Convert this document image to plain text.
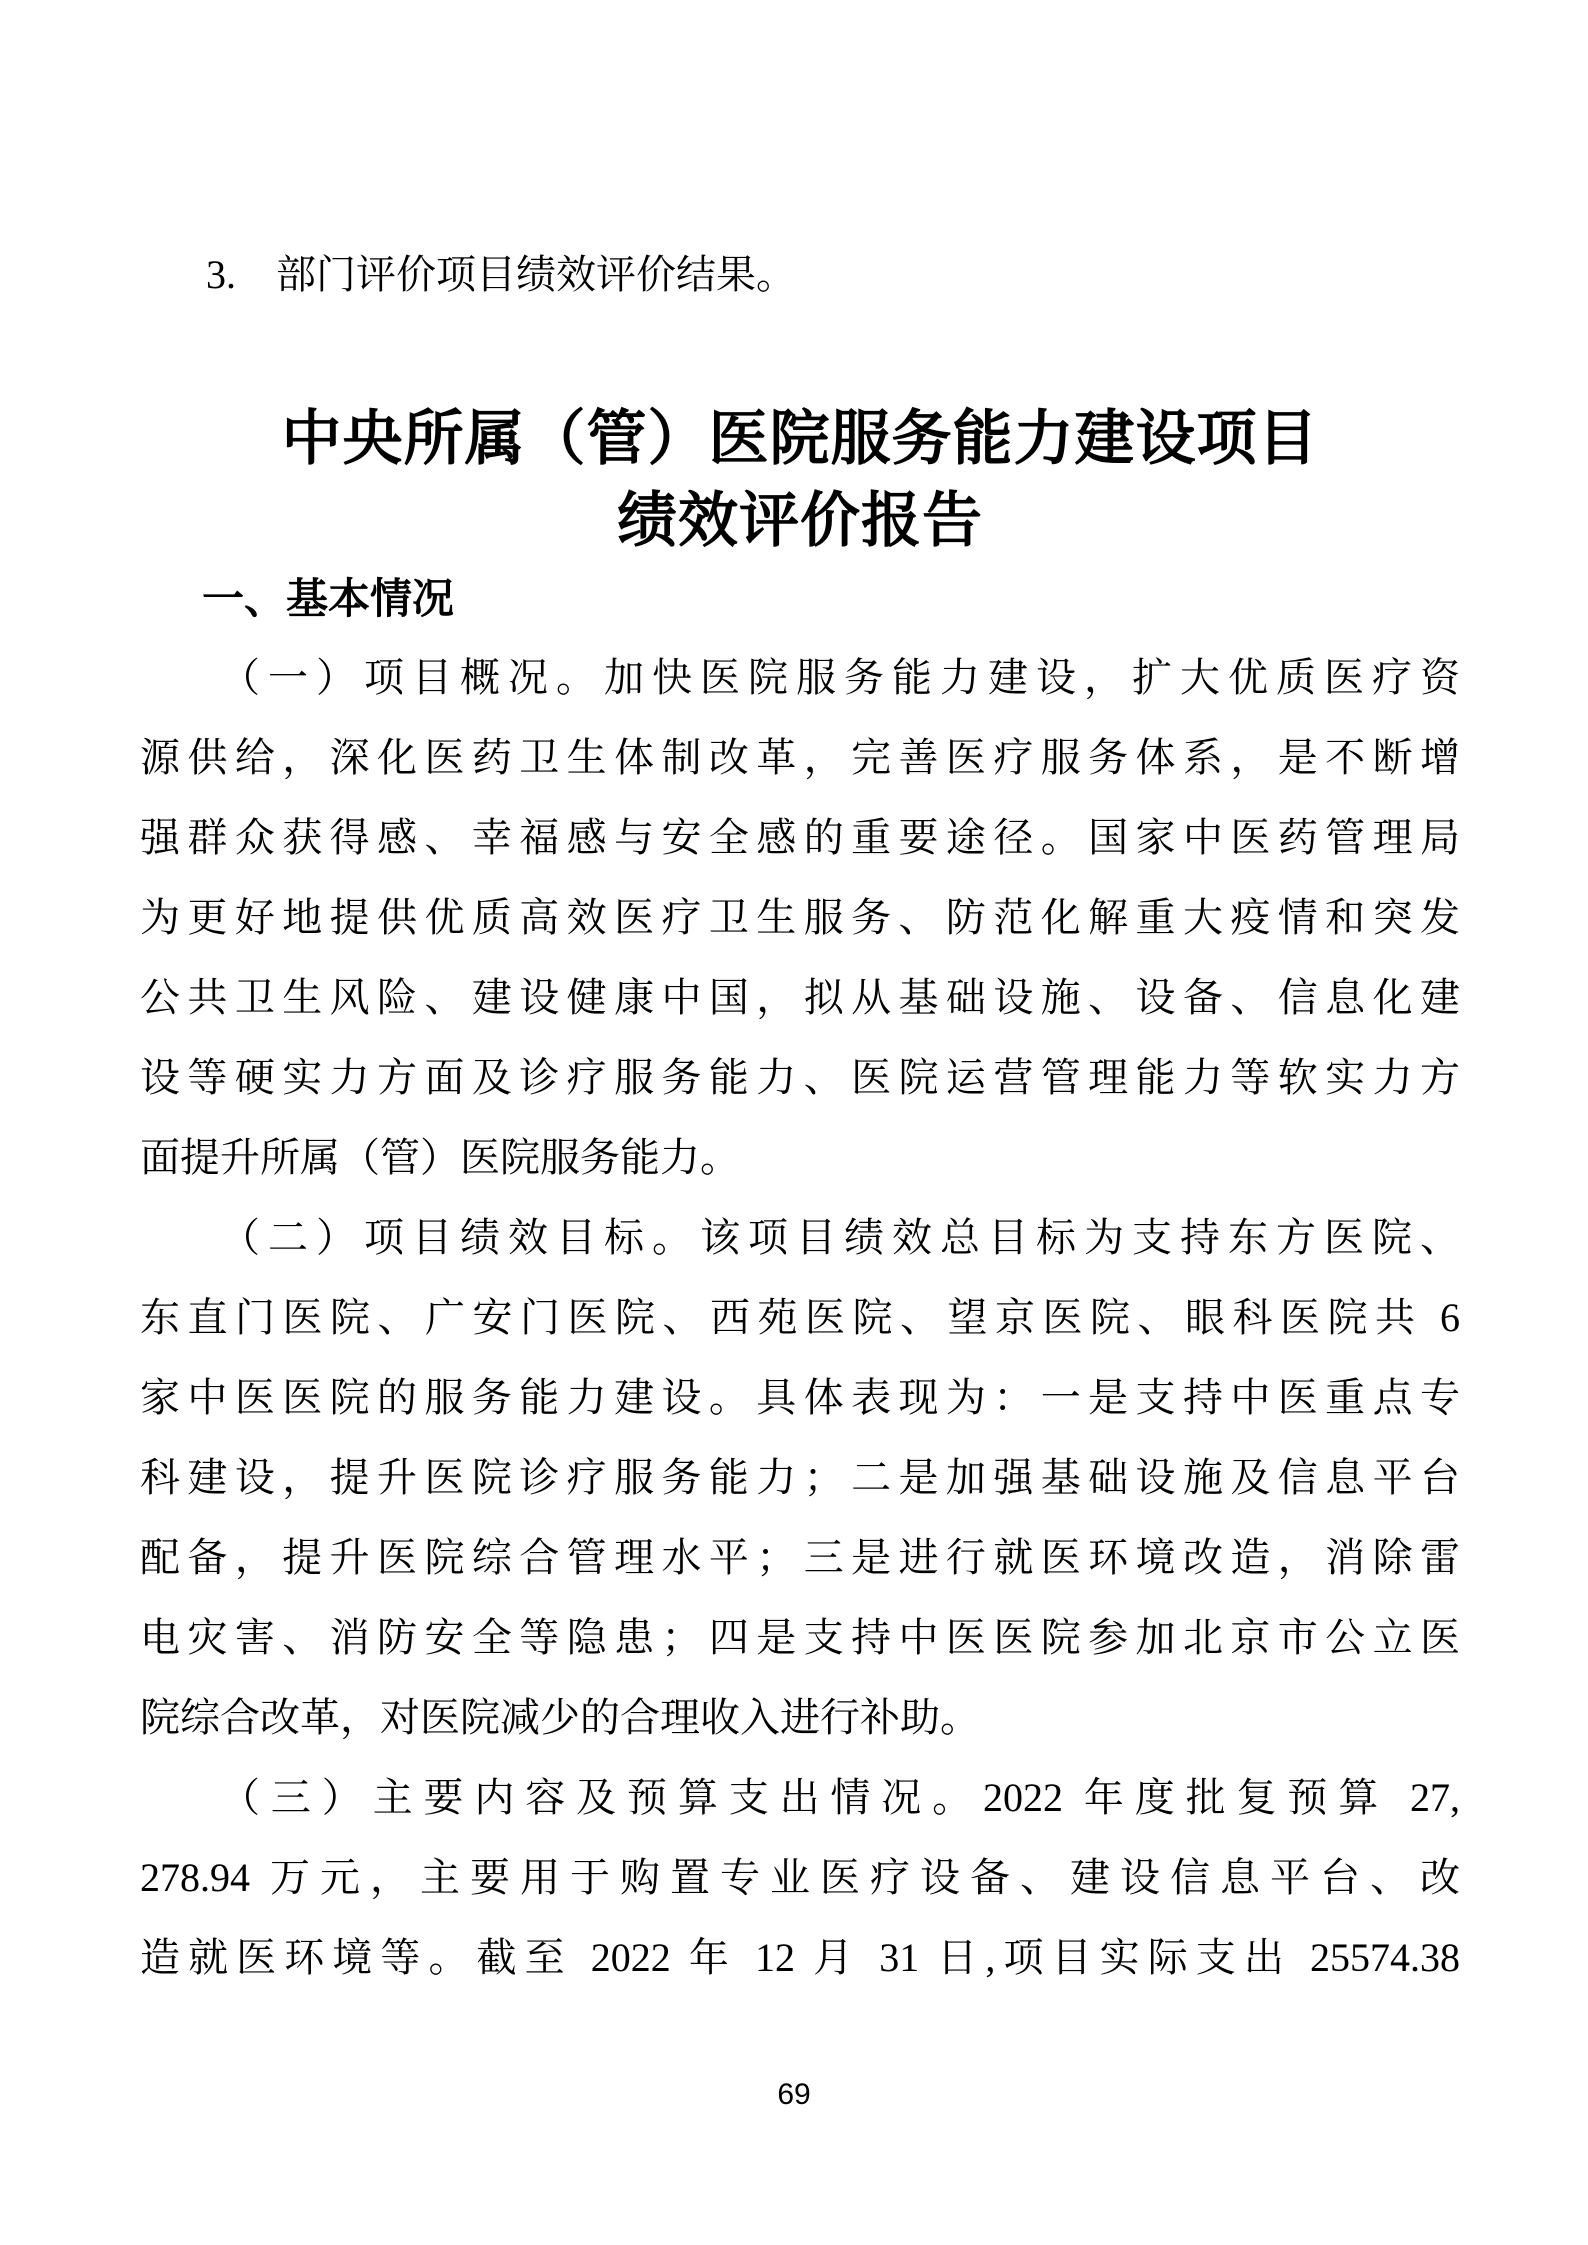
3.　部门评价项目绩效评价结果。
中央所属（管）医院服务能力建设项目
绩效评价报告
一、基本情况
（一）项目概况。加快医院服务能力建设，扩大优质医疗资
源供给，深化医药卫生体制改革，完善医疗服务体系，是不断增
强群众获得感、幸福感与安全感的重要途径。国家中医药管理局
为更好地提供优质高效医疗卫生服务、防范化解重大疫情和突发
公共卫生风险、建设健康中国，拟从基础设施、设备、信息化建
设等硬实力方面及诊疗服务能力、医院运营管理能力等软实力方
面提升所属（管）医院服务能力。
（二）项目绩效目标。该项目绩效总目标为支持东方医院、
东直门医院、广安门医院、西苑医院、望京医院、眼科医院共 6
家中医医院的服务能力建设。具体表现为：一是支持中医重点专
科建设，提升医院诊疗服务能力；二是加强基础设施及信息平台
配备，提升医院综合管理水平；三是进行就医环境改造，消除雷
电灾害、消防安全等隐患；四是支持中医医院参加北京市公立医
院综合改革，对医院减少的合理收入进行补助。
（三）主要内容及预算支出情况。2022 年度批复预算 27,
278.94 万元，主要用于购置专业医疗设备、建设信息平台、改
造就医环境等。截至 2022 年 12 月 31 日,项目实际支出 25574.38
69
